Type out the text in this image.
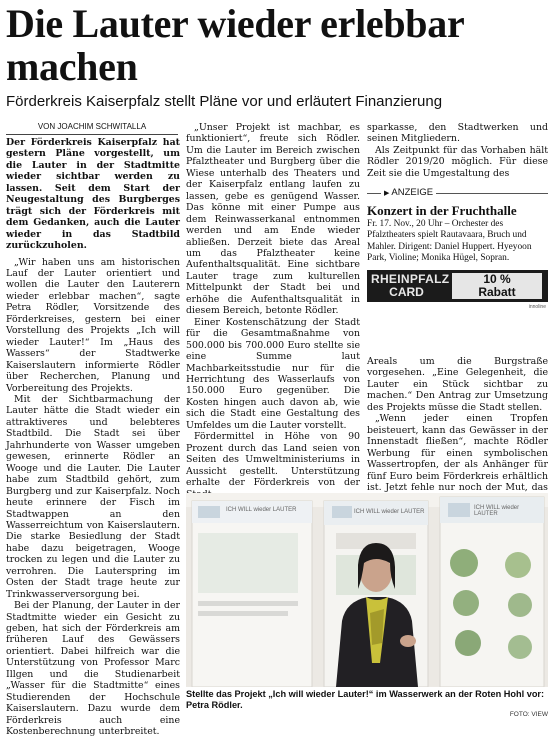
Die Lauter wieder erlebbar machen
Förderkreis Kaiserpfalz stellt Pläne vor und erläutert Finanzierung
VON JOACHIM SCHWITALLA

Der Förderkreis Kaiserpfalz hat gestern Pläne vorgestellt, um die Lauter in der Stadtmitte wieder sichtbar werden zu lassen. Seit dem Start der Neugestaltung des Burgberges trägt sich der Förderkreis mit dem Gedanken, auch die Lauter wieder in das Stadtbild zurückzuholen.

„Wir haben uns am historischen Lauf der Lauter orientiert und wollen die Lauter den Lauterern wieder erlebbar machen“, sagte Petra Rödler, Vorsitzende des Förderkreises, gestern bei einer Vorstellung des Projekts „Ich will wieder Lauter!“ Im „Haus des Wassers“ der Stadtwerke Kaiserslautern informierte Rödler über Recherchen, Planung und Vorbereitung des Projekts.

Mit der Sichtbarmachung der Lauter hätte die Stadt wieder ein attraktiveres und belebteres Stadtbild. Die Stadt sei über Jahrhunderte von Wasser umgeben gewesen, erinnerte Rödler an Wooge und die Lauter. Die Lauter habe zum Stadtbild gehört, zum Burgberg und zur Kaiserpfalz. Noch heute erinnere der Fisch im Stadtwappen an den Wasserreichtum von Kaiserslautern. Die starke Besiedlung der Stadt habe dazu beigetragen, Wooge trocken zu legen und die Lauter zu verrohren. Die Lauterspring im Osten der Stadt trage heute zur Trinkwasserversorgung bei.

Bei der Planung, der Lauter in der Stadtmitte wieder ein Gesicht zu geben, hat sich der Förderkreis am früheren Lauf des Gewässers orientiert. Dabei hilfreich war die Unterstützung von Professor Marc Illgen und die Studienarbeit „Wasser für die Stadtmitte“ eines Studierenden der Hochschule Kaiserslautern. Dazu wurde dem Förderkreis auch eine Kostenberechnung unterbreitet.

„Unser Projekt ist machbar, es funktioniert“, freute sich Rödler. Um die Lauter im Bereich zwischen Pfalztheater und Burgberg über die Wiese unterhalb des Theaters und der Kaiserpfalz entlang laufen zu lassen, gebe es genügend Wasser. Das könne mit einer Pumpe aus dem Reinwasserkanal entnommen werden und am Ende wieder abließen. Derzeit biete das Areal um das Pfalztheater keine Aufenthaltsqualität. Eine sichtbare Lauter trage zum kulturellen Mittelpunkt der Stadt bei und erhöhe die Aufenthaltsqualität in diesem Bereich, betonte Rödler.

Einer Kostenschätzung der Stadt für die Gesamtmaßnahme von 500.000 bis 700.000 Euro stellte sie eine Summe laut Machbarkeitsstudie nur für die Herrichtung des Wasserlaufs von 150.000 Euro gegenüber. Die Kosten hingen auch davon ab, wie sich die Stadt eine Gestaltung des Umfeldes um die Lauter vorstellt.

Fördermittel in Höhe von 90 Prozent durch das Land seien von Seiten des Umweltministeriums in Aussicht gestellt. Unterstützung erhalte der Förderkreis von der

sparkasse, den Stadtwerken und seinen Mitgliedern.

Als Zeitpunkt für das Vorhaben hält Rödler 2019/20 möglich. Für diese Zeit sie die Umgestaltung des

▶ ANZEIGE
Konzert in der Fruchthalle
Fr. 17. Nov., 20 Uhr – Orchester des Pfalztheaters spielt Rautavaara, Bruch und Mahler. Dirigent: Daniel Huppert. Hyeyoon Park, Violine; Monika Hügel, Sopran.
RHEINPFALZ
CARD
10 %
Rabatt
innoline

Areals um die Burgstraße vorgesehen. „Eine Gelegenheit, die Lauter ein Stück sichtbar zu machen.“ Den Antrag zur Umsetzung des Projekts müsse die Stadt stellen.

„Wenn jeder einen Tropfen beisteuert, kann das Gewässer in der Innenstadt fließen“, machte Rödler Werbung für einen symbolischen Wassertropfen, der als Anhänger für fünf Euro beim Förderkreis erhältlich ist. Jetzt fehle nur noch der Mut, das

ICH WILL wieder LAUTER	ICH WILL wieder LAUTER
ICH WILL wieder LAUTER
Stellte das Projekt „Ich will wieder Lauter!“ im Wasserwerk an der Roten Hohl vor: Petra Rödler.
FOTO: VIEW
